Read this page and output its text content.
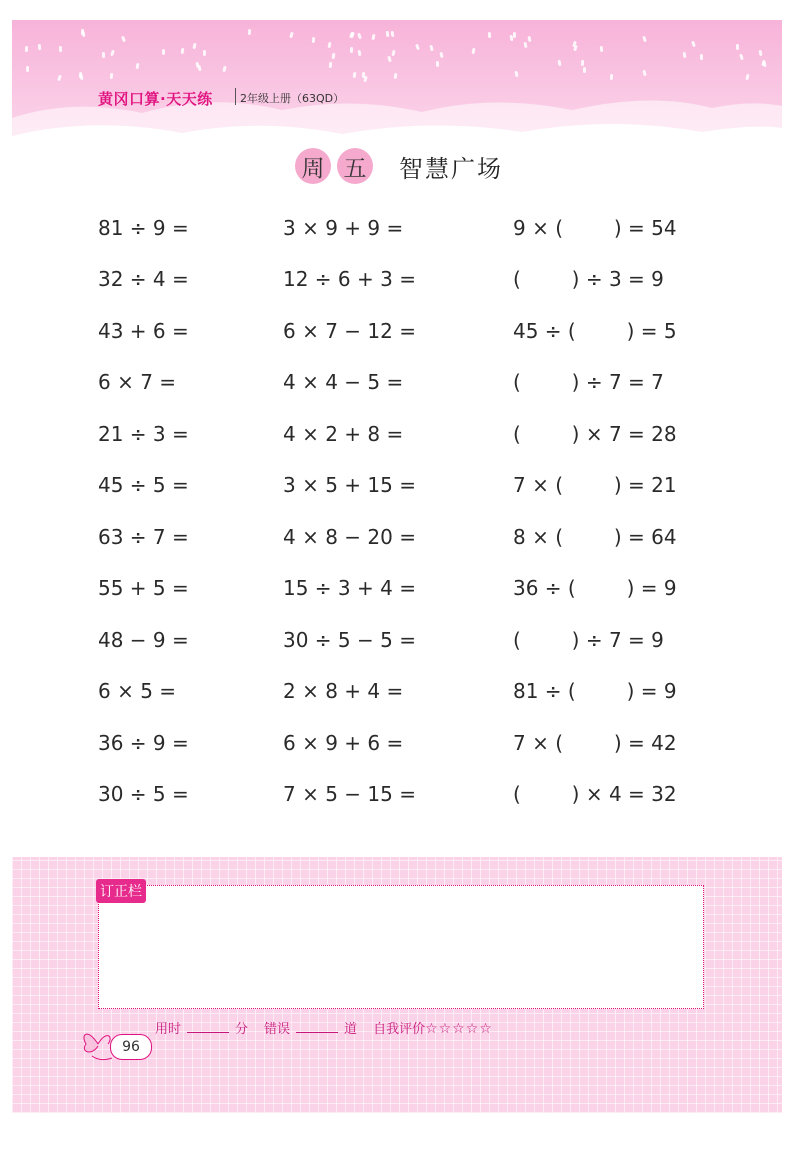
黄冈口算·天天练 2年级上册（63QD）
周 五 智慧广场
81 ÷ 9 =	3 × 9 + 9 =	9 × (        ) = 54
32 ÷ 4 =	12 ÷ 6 + 3 =	(        ) ÷ 3 = 9
43 + 6 =	6 × 7 − 12 =	45 ÷ (        ) = 5
6 × 7 =	4 × 4 − 5 =	(        ) ÷ 7 = 7
21 ÷ 3 =	4 × 2 + 8 =	(        ) × 7 = 28
45 ÷ 5 =	3 × 5 + 15 =	7 × (        ) = 21
63 ÷ 7 =	4 × 8 − 20 =	8 × (        ) = 64
55 + 5 =	15 ÷ 3 + 4 =	36 ÷ (        ) = 9
48 − 9 =	30 ÷ 5 − 5 =	(        ) ÷ 7 = 9
6 × 5 =	2 × 8 + 4 =	81 ÷ (        ) = 9
36 ÷ 9 =	6 × 9 + 6 =	7 × (        ) = 42
30 ÷ 5 =	7 × 5 − 15 =	(        ) × 4 = 32
订正栏
96
用时	分 错误	道 自我评价 ☆☆☆☆☆
